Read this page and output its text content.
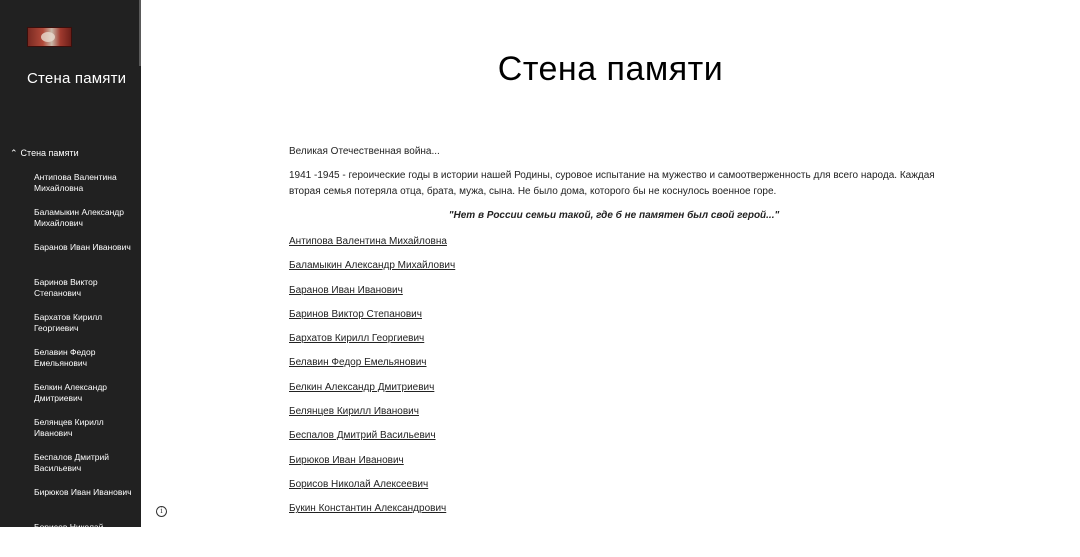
Стена памяти
⌃ Стена памяти
Антипова Валентина Михайловна
Баламыкин Александр Михайлович
Баранов Иван Иванович
Баринов Виктор Степанович
Бархатов Кирилл Георгиевич
Белавин Федор Емельянович
Белкин Александр Дмитриевич
Белянцев Кирилл Иванович
Беспалов Дмитрий Васильевич
Бирюков Иван Иванович
Борисов Николай Алексеевич
Стена памяти
Великая Отечественная война...
1941 -1945 - героические годы в истории нашей Родины, суровое испытание на мужество и самоотверженность для всего народа. Каждая вторая семья потеряла отца, брата, мужа, сына. Не было дома, которого бы не коснулось военное горе.
"Нет в России семьи такой, где б не памятен был свой герой..."
Антипова Валентина Михайловна
Баламыкин Александр Михайлович
Баранов Иван Иванович
Баринов Виктор Степанович
Бархатов Кирилл Георгиевич
Белавин Федор Емельянович
Белкин Александр Дмитриевич
Белянцев Кирилл Иванович
Беспалов Дмитрий Васильевич
Бирюков Иван Иванович
Борисов Николай Алексеевич
Букин Константин Александрович
i
